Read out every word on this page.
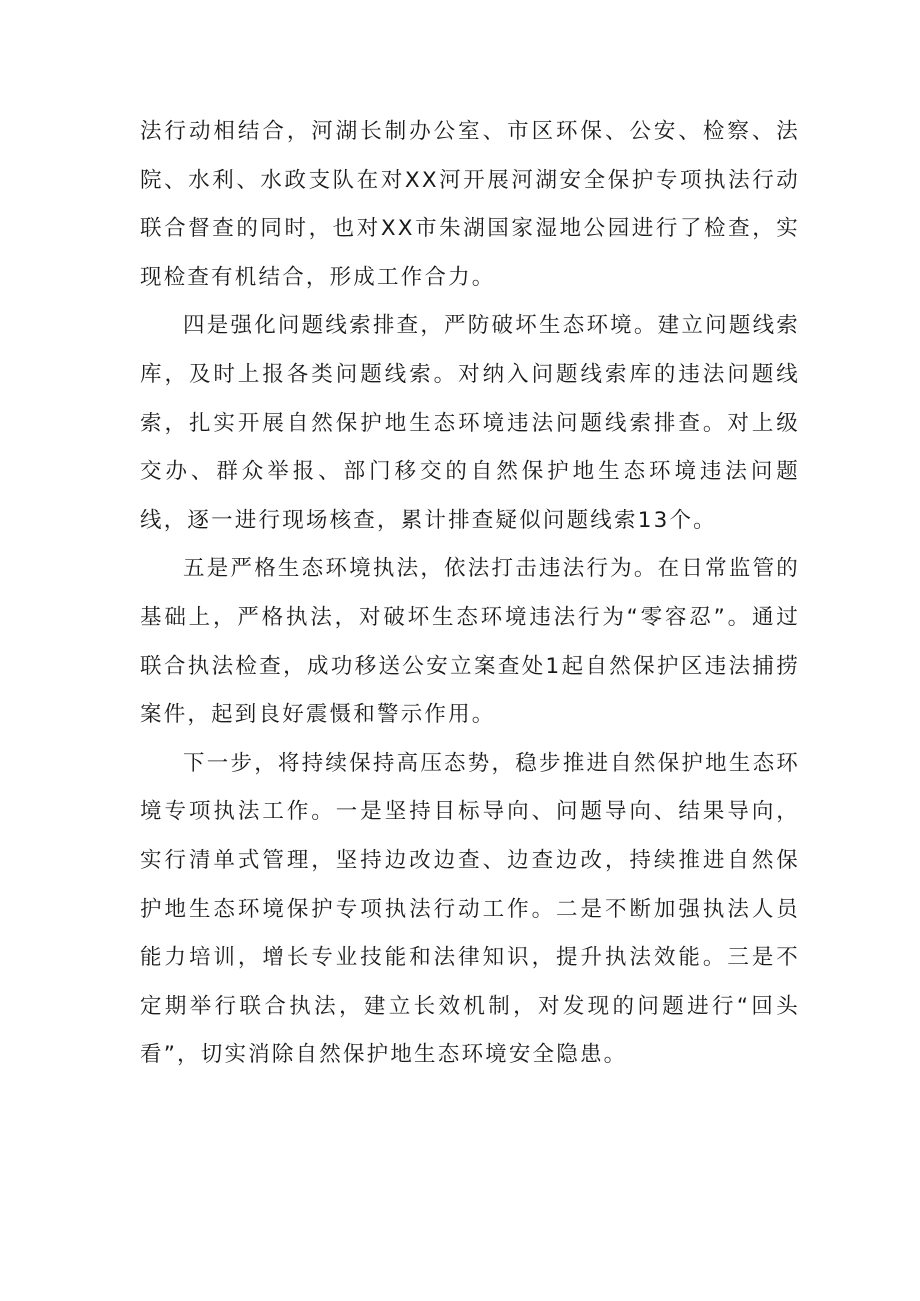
法行动相结合，河湖长制办公室、市区环保、公安、检察、法院、水利、水政支队在对XX河开展河湖安全保护专项执法行动联合督查的同时，也对XX市朱湖国家湿地公园进行了检查，实现检查有机结合，形成工作合力。

四是强化问题线索排查，严防破坏生态环境。建立问题线索库，及时上报各类问题线索。对纳入问题线索库的违法问题线索，扎实开展自然保护地生态环境违法问题线索排查。对上级交办、群众举报、部门移交的自然保护地生态环境违法问题线，逐一进行现场核查，累计排查疑似问题线索13个。

五是严格生态环境执法，依法打击违法行为。在日常监管的基础上，严格执法，对破坏生态环境违法行为“零容忍”。通过联合执法检查，成功移送公安立案查处1起自然保护区违法捕捞案件，起到良好震慑和警示作用。

下一步，将持续保持高压态势，稳步推进自然保护地生态环境专项执法工作。一是坚持目标导向、问题导向、结果导向，实行清单式管理，坚持边改边查、边查边改，持续推进自然保护地生态环境保护专项执法行动工作。二是不断加强执法人员能力培训，增长专业技能和法律知识，提升执法效能。三是不定期举行联合执法，建立长效机制，对发现的问题进行“回头看”，切实消除自然保护地生态环境安全隐患。
